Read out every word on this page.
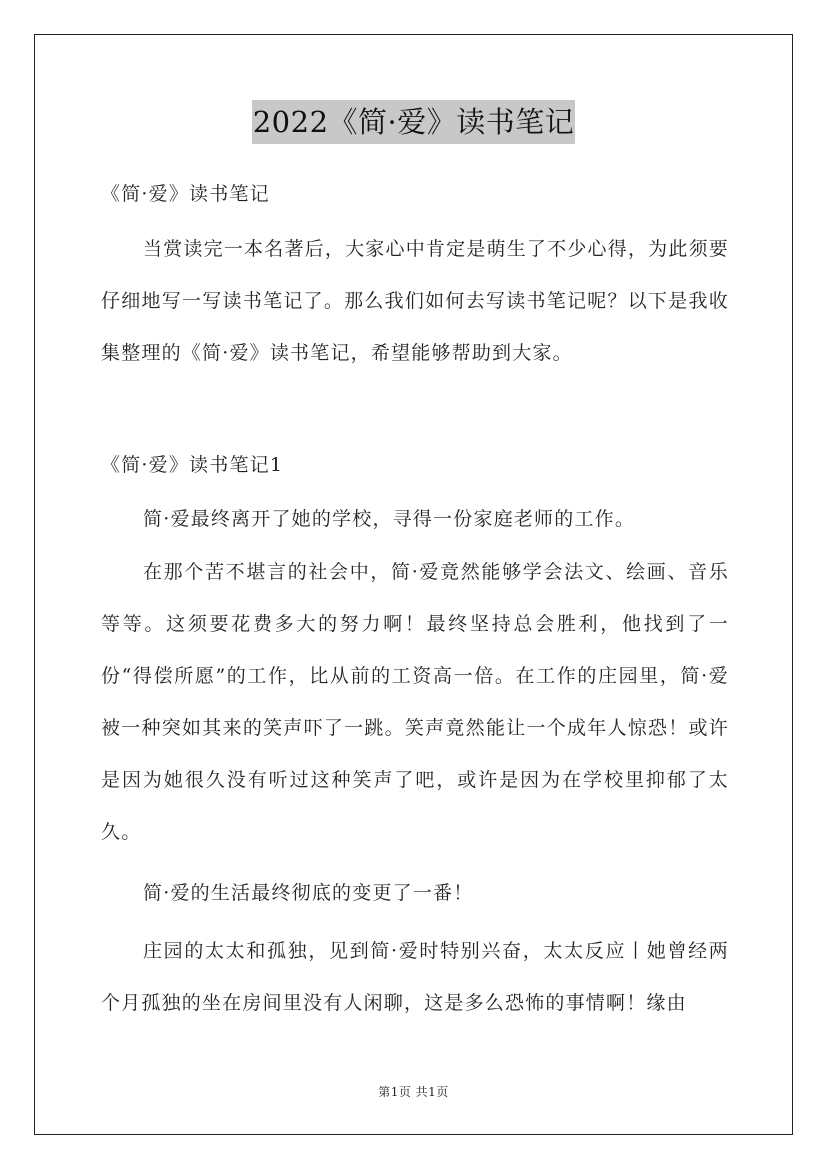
2022《简·爱》读书笔记

《简·爱》读书笔记

当赏读完一本名著后，大家心中肯定是萌生了不少心得，为此须要仔细地写一写读书笔记了。那么我们如何去写读书笔记呢？以下是我收集整理的《简·爱》读书笔记，希望能够帮助到大家。

《简·爱》读书笔记1

简·爱最终离开了她的学校，寻得一份家庭老师的工作。

在那个苦不堪言的社会中，简·爱竟然能够学会法文、绘画、音乐等等。这须要花费多大的努力啊！最终坚持总会胜利，他找到了一份“得偿所愿”的工作，比从前的工资高一倍。在工作的庄园里，简·爱被一种突如其来的笑声吓了一跳。笑声竟然能让一个成年人惊恐！或许是因为她很久没有听过这种笑声了吧，或许是因为在学校里抑郁了太久。

简·爱的生活最终彻底的变更了一番！

庄园的太太和孤独，见到简·爱时特别兴奋，太太反应丨她曾经两个月孤独的坐在房间里没有人闲聊，这是多么恐怖的事情啊！缘由

第1页 共1页
